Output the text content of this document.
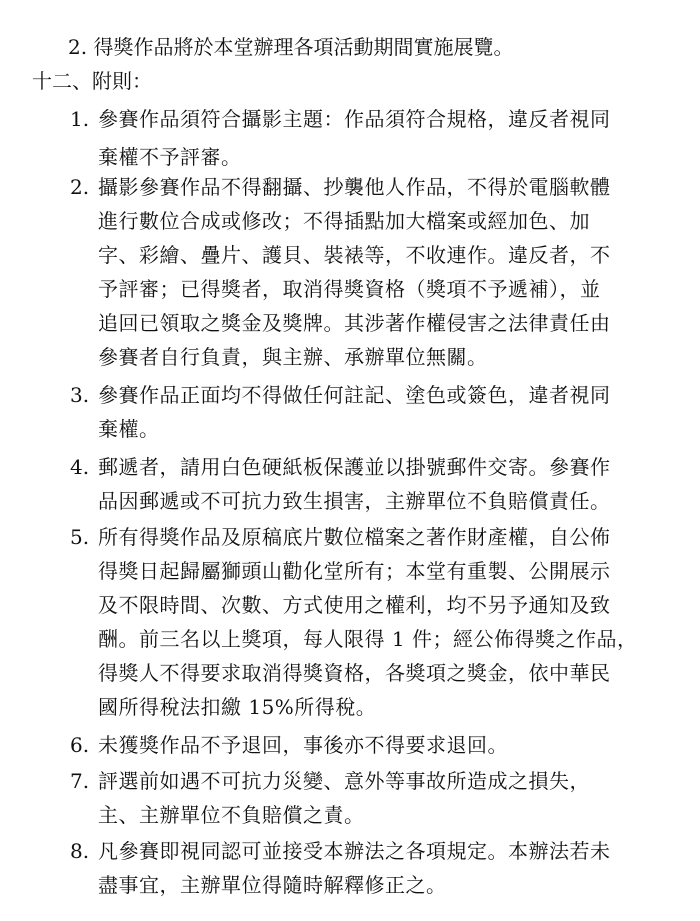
2. 得獎作品將於本堂辦理各項活動期間實施展覽。
十二、附則：
1. 參賽作品須符合攝影主題：作品須符合規格，違反者視同
棄權不予評審。
2. 攝影參賽作品不得翻攝、抄襲他人作品，不得於電腦軟體
進行數位合成或修改；不得插點加大檔案或經加色、加
字、彩繪、疊片、護貝、裝裱等，不收連作。違反者，不
予評審；已得獎者，取消得獎資格（獎項不予遞補），並
追回已領取之獎金及獎牌。其涉著作權侵害之法律責任由
參賽者自行負責，與主辦、承辦單位無關。
3. 參賽作品正面均不得做任何註記、塗色或簽色，違者視同
棄權。
4. 郵遞者，請用白色硬紙板保護並以掛號郵件交寄。參賽作
品因郵遞或不可抗力致生損害，主辦單位不負賠償責任。
5. 所有得獎作品及原稿底片數位檔案之著作財產權，自公佈
得獎日起歸屬獅頭山勸化堂所有；本堂有重製、公開展示
及不限時間、次數、方式使用之權利，均不另予通知及致
酬。前三名以上獎項，每人限得 1 件；經公佈得獎之作品，
得獎人不得要求取消得獎資格，各獎項之獎金，依中華民
國所得稅法扣繳 15%所得稅。
6. 未獲獎作品不予退回，事後亦不得要求退回。
7. 評選前如遇不可抗力災變、意外等事故所造成之損失，
主、主辦單位不負賠償之責。
8. 凡參賽即視同認可並接受本辦法之各項規定。本辦法若未
盡事宜，主辦單位得隨時解釋修正之。
